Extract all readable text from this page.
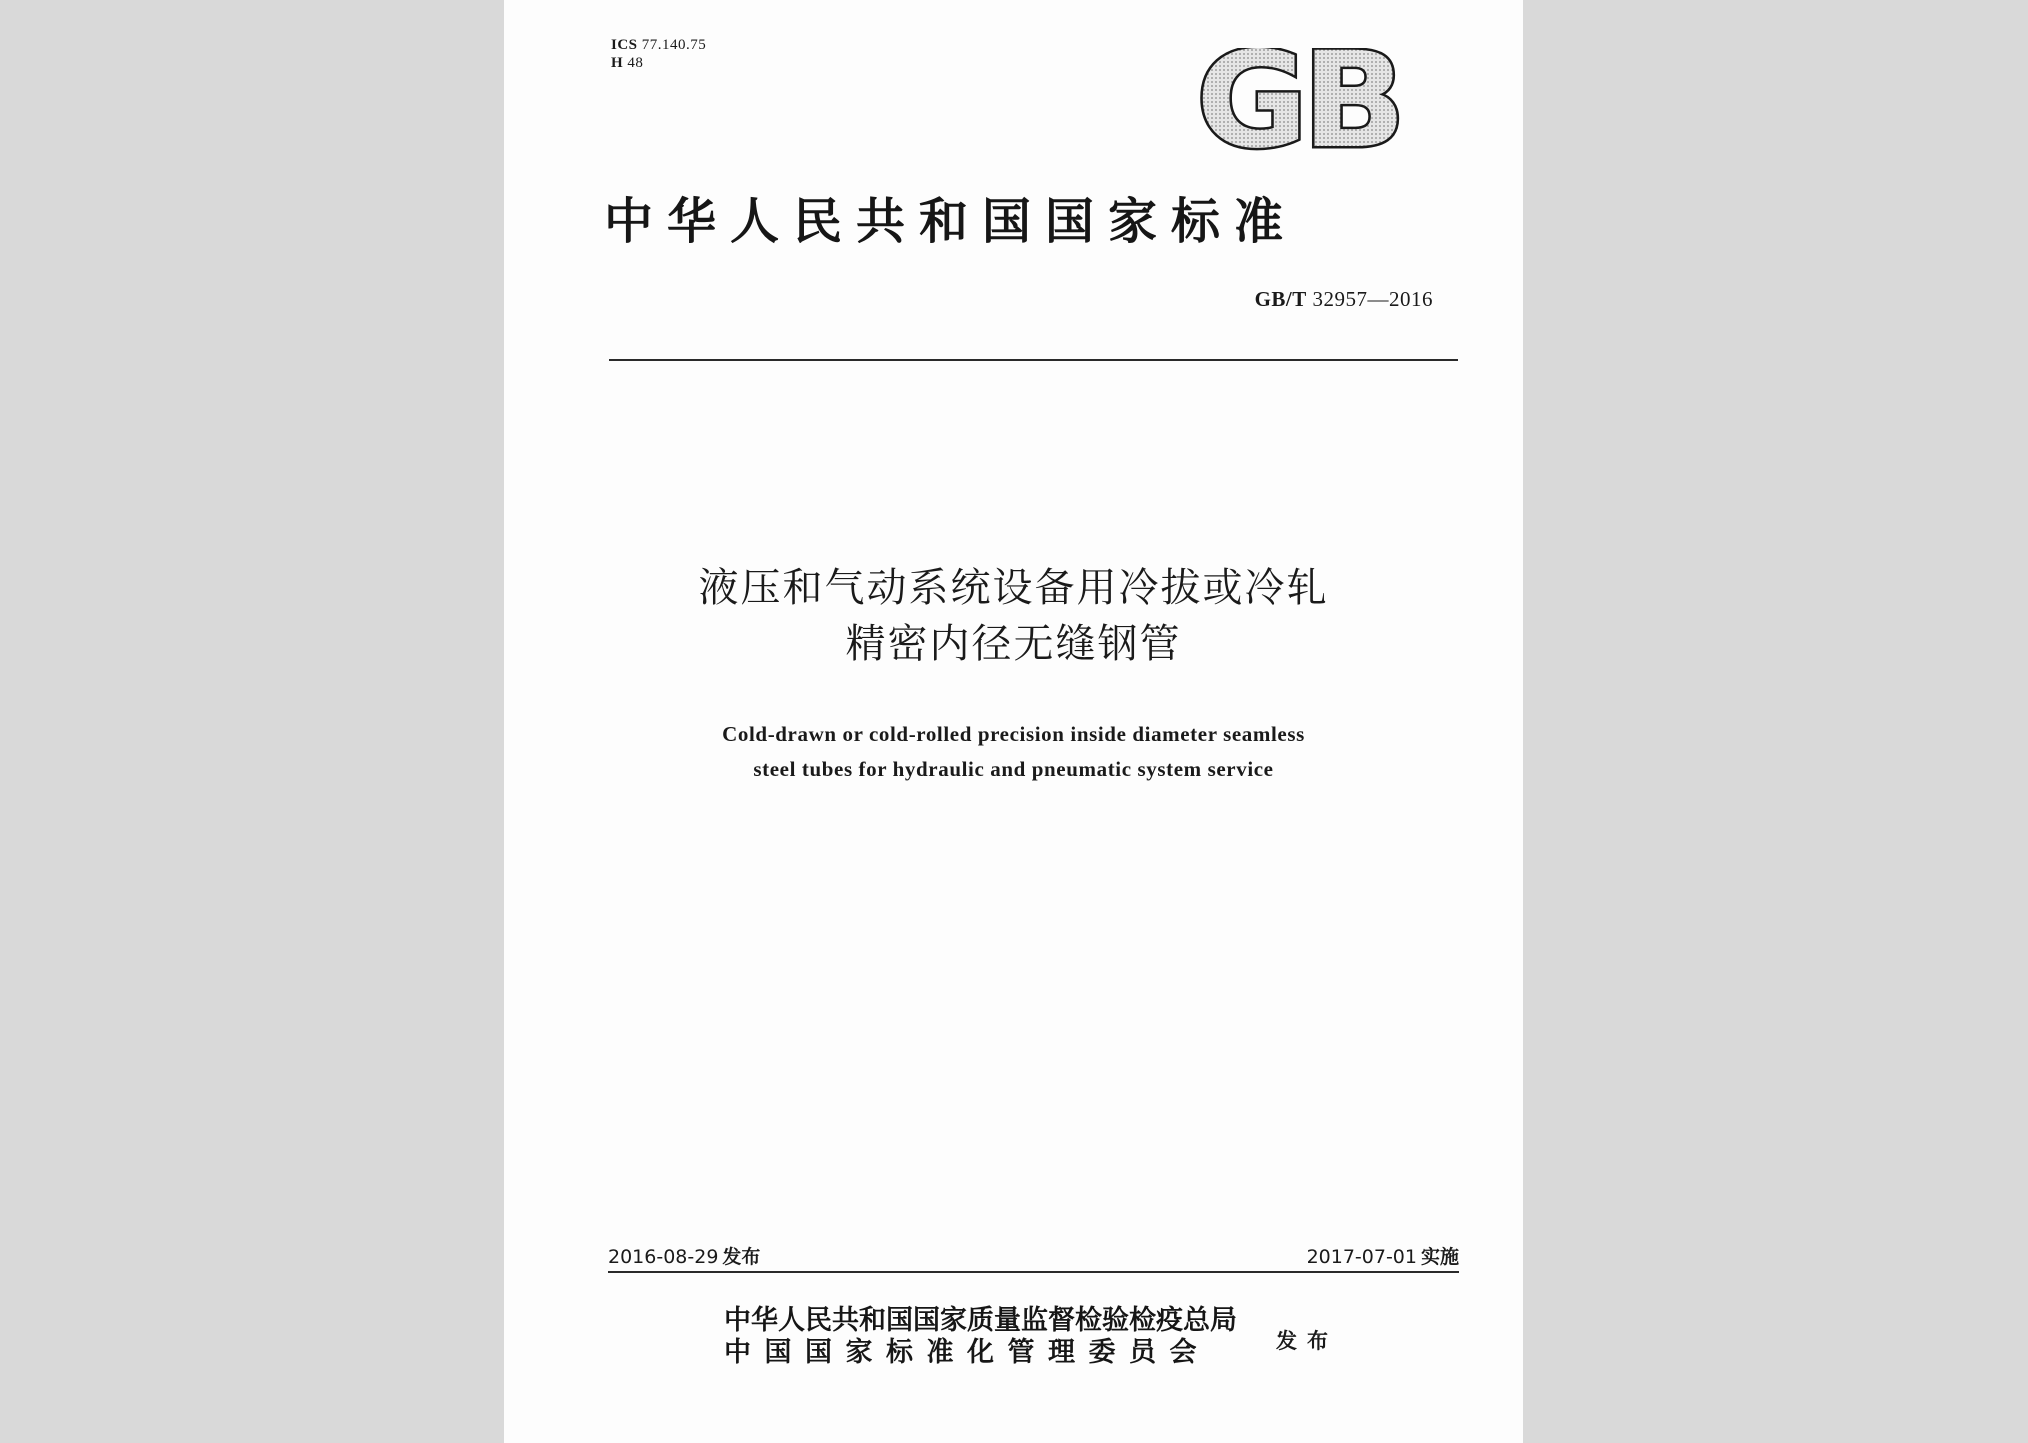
ICS 77.140.75
H 48	GB
中华人民共和国国家标准
GB/T 32957—2016
液压和气动系统设备用冷拔或冷轧
精密内径无缝钢管
Cold-drawn or cold-rolled precision inside diameter seamless
steel tubes for hydraulic and pneumatic system service
2016-08-29 发布	2017-07-01 实施
中华人民共和国国家质量监督检验检疫总局
中国国家标准化管理委员会	发布
